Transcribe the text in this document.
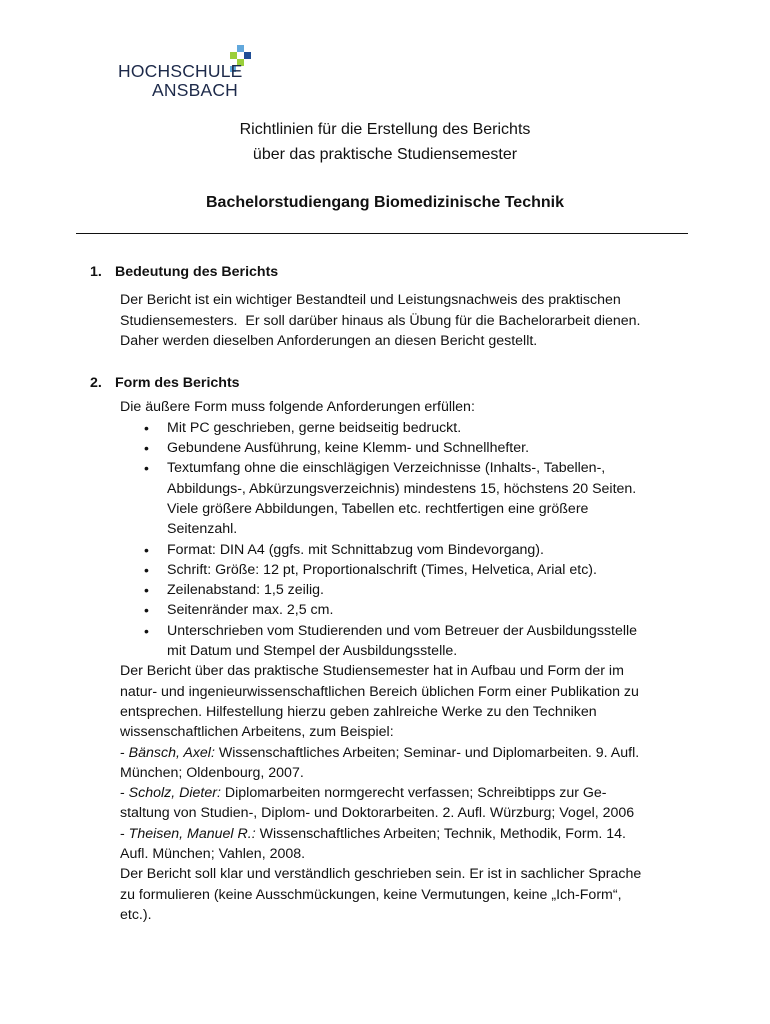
HOCHSCHULE
ANSBACH
Richtlinien für die Erstellung des Berichts
über das praktische Studiensemester
Bachelorstudiengang Biomedizinische Technik
1. Bedeutung des Berichts
Der Bericht ist ein wichtiger Bestandteil und Leistungsnachweis des praktischen
Studiensemesters.  Er soll darüber hinaus als Übung für die Bachelorarbeit dienen.
Daher werden dieselben Anforderungen an diesen Bericht gestellt.
2. Form des Berichts
Die äußere Form muss folgende Anforderungen erfüllen:
• Mit PC geschrieben, gerne beidseitig bedruckt.
• Gebundene Ausführung, keine Klemm- und Schnellhefter.
• Textumfang ohne die einschlägigen Verzeichnisse (Inhalts-, Tabellen-,
Abbildungs-, Abkürzungsverzeichnis) mindestens 15, höchstens 20 Seiten.
Viele größere Abbildungen, Tabellen etc. rechtfertigen eine größere
Seitenzahl.
• Format: DIN A4 (ggfs. mit Schnittabzug vom Bindevorgang).
• Schrift: Größe: 12 pt, Proportionalschrift (Times, Helvetica, Arial etc).
• Zeilenabstand: 1,5 zeilig.
• Seitenränder max. 2,5 cm.
• Unterschrieben vom Studierenden und vom Betreuer der Ausbildungsstelle
mit Datum und Stempel der Ausbildungsstelle.
Der Bericht über das praktische Studiensemester hat in Aufbau und Form der im
natur- und ingenieurwissenschaftlichen Bereich üblichen Form einer Publikation zu
entsprechen. Hilfestellung hierzu geben zahlreiche Werke zu den Techniken
wissenschaftlichen Arbeitens, zum Beispiel:
- Bänsch, Axel: Wissenschaftliches Arbeiten; Seminar- und Diplomarbeiten. 9. Aufl.
München; Oldenbourg, 2007.
- Scholz, Dieter: Diplomarbeiten normgerecht verfassen; Schreibtipps zur Ge-
staltung von Studien-, Diplom- und Doktorarbeiten. 2. Aufl. Würzburg; Vogel, 2006
- Theisen, Manuel R.: Wissenschaftliches Arbeiten; Technik, Methodik, Form. 14.
Aufl. München; Vahlen, 2008.
Der Bericht soll klar und verständlich geschrieben sein. Er ist in sachlicher Sprache
zu formulieren (keine Ausschmückungen, keine Vermutungen, keine „Ich-Form“,
etc.).
